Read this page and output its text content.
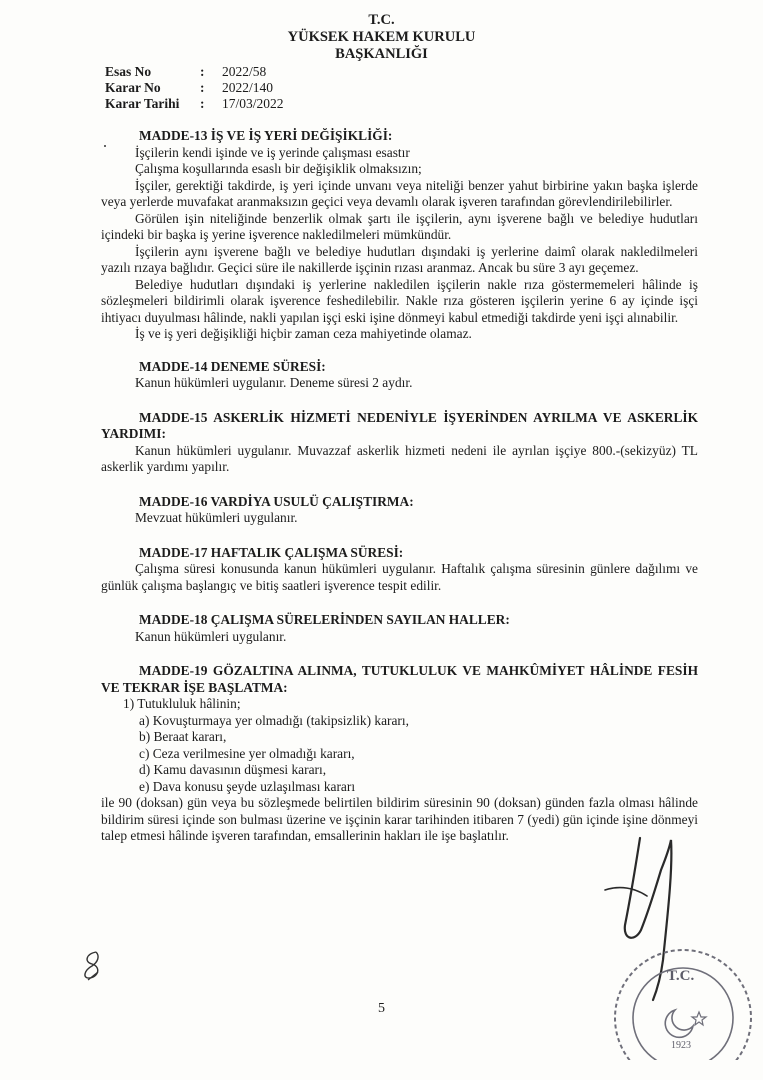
T.C.
YÜKSEK HAKEM KURULU
BAŞKANLIĞI
Esas No	:	2022/58
Karar No	:	2022/140
Karar Tarihi	:	17/03/2022

MADDE-13 İŞ VE İŞ YERİ DEĞİŞİKLİĞİ:

İşçilerin kendi işinde ve iş yerinde çalışması esastır

Çalışma koşullarında esaslı bir değişiklik olmaksızın;

İşçiler, gerektiği takdirde, iş yeri içinde unvanı veya niteliği benzer yahut birbirine yakın başka işlerde veya yerlerde muvafakat aranmaksızın geçici veya devamlı olarak işveren tarafından görevlendirilebilirler.

Görülen işin niteliğinde benzerlik olmak şartı ile işçilerin, aynı işverene bağlı ve belediye hudutları içindeki bir başka iş yerine işverence nakledilmeleri mümkündür.

İşçilerin aynı işverene bağlı ve belediye hudutları dışındaki iş yerlerine daimî olarak nakledilmeleri yazılı rızaya bağlıdır. Geçici süre ile nakillerde işçinin rızası aranmaz. Ancak bu süre 3 ayı geçemez.

Belediye hudutları dışındaki iş yerlerine nakledilen işçilerin nakle rıza göstermemeleri hâlinde iş sözleşmeleri bildirimli olarak işverence feshedilebilir. Nakle rıza gösteren işçilerin yerine 6 ay içinde işçi ihtiyacı duyulması hâlinde, nakli yapılan işçi eski işine dönmeyi kabul etmediği takdirde yeni işçi alınabilir.

İş ve iş yeri değişikliği hiçbir zaman ceza mahiyetinde olamaz.

MADDE-14 DENEME SÜRESİ:

Kanun hükümleri uygulanır. Deneme süresi 2 aydır.

MADDE-15 ASKERLİK HİZMETİ NEDENİYLE İŞYERİNDEN AYRILMA VE ASKERLİK YARDIMI:

Kanun hükümleri uygulanır. Muvazzaf askerlik hizmeti nedeni ile ayrılan işçiye 800.-(sekizyüz) TL askerlik yardımı yapılır.

MADDE-16 VARDİYA USULÜ ÇALIŞTIRMA:

Mevzuat hükümleri uygulanır.

MADDE-17 HAFTALIK ÇALIŞMA SÜRESİ:

Çalışma süresi konusunda kanun hükümleri uygulanır. Haftalık çalışma süresinin günlere dağılımı ve günlük çalışma başlangıç ve bitiş saatleri işverence tespit edilir.

MADDE-18 ÇALIŞMA SÜRELERİNDEN SAYILAN HALLER:

Kanun hükümleri uygulanır.

MADDE-19 GÖZALTINA ALINMA, TUTUKLULUK VE MAHKÛMİYET HÂLİNDE FESİH VE TEKRAR İŞE BAŞLATMA:

1) Tutukluluk hâlinin;

a) Kovuşturmaya yer olmadığı (takipsizlik) kararı,

b) Beraat kararı,

c) Ceza verilmesine yer olmadığı kararı,

d) Kamu davasının düşmesi kararı,

e) Dava konusu şeyde uzlaşılması kararı

ile 90 (doksan) gün veya bu sözleşmede belirtilen bildirim süresinin 90 (doksan) günden fazla olması hâlinde bildirim süresi içinde son bulması üzerine ve işçinin karar tarihinden itibaren 7 (yedi) gün içinde işine dönmeyi talep etmesi hâlinde işveren tarafından, emsallerinin hakları ile işe başlatılır.

5
T.C.
1923
